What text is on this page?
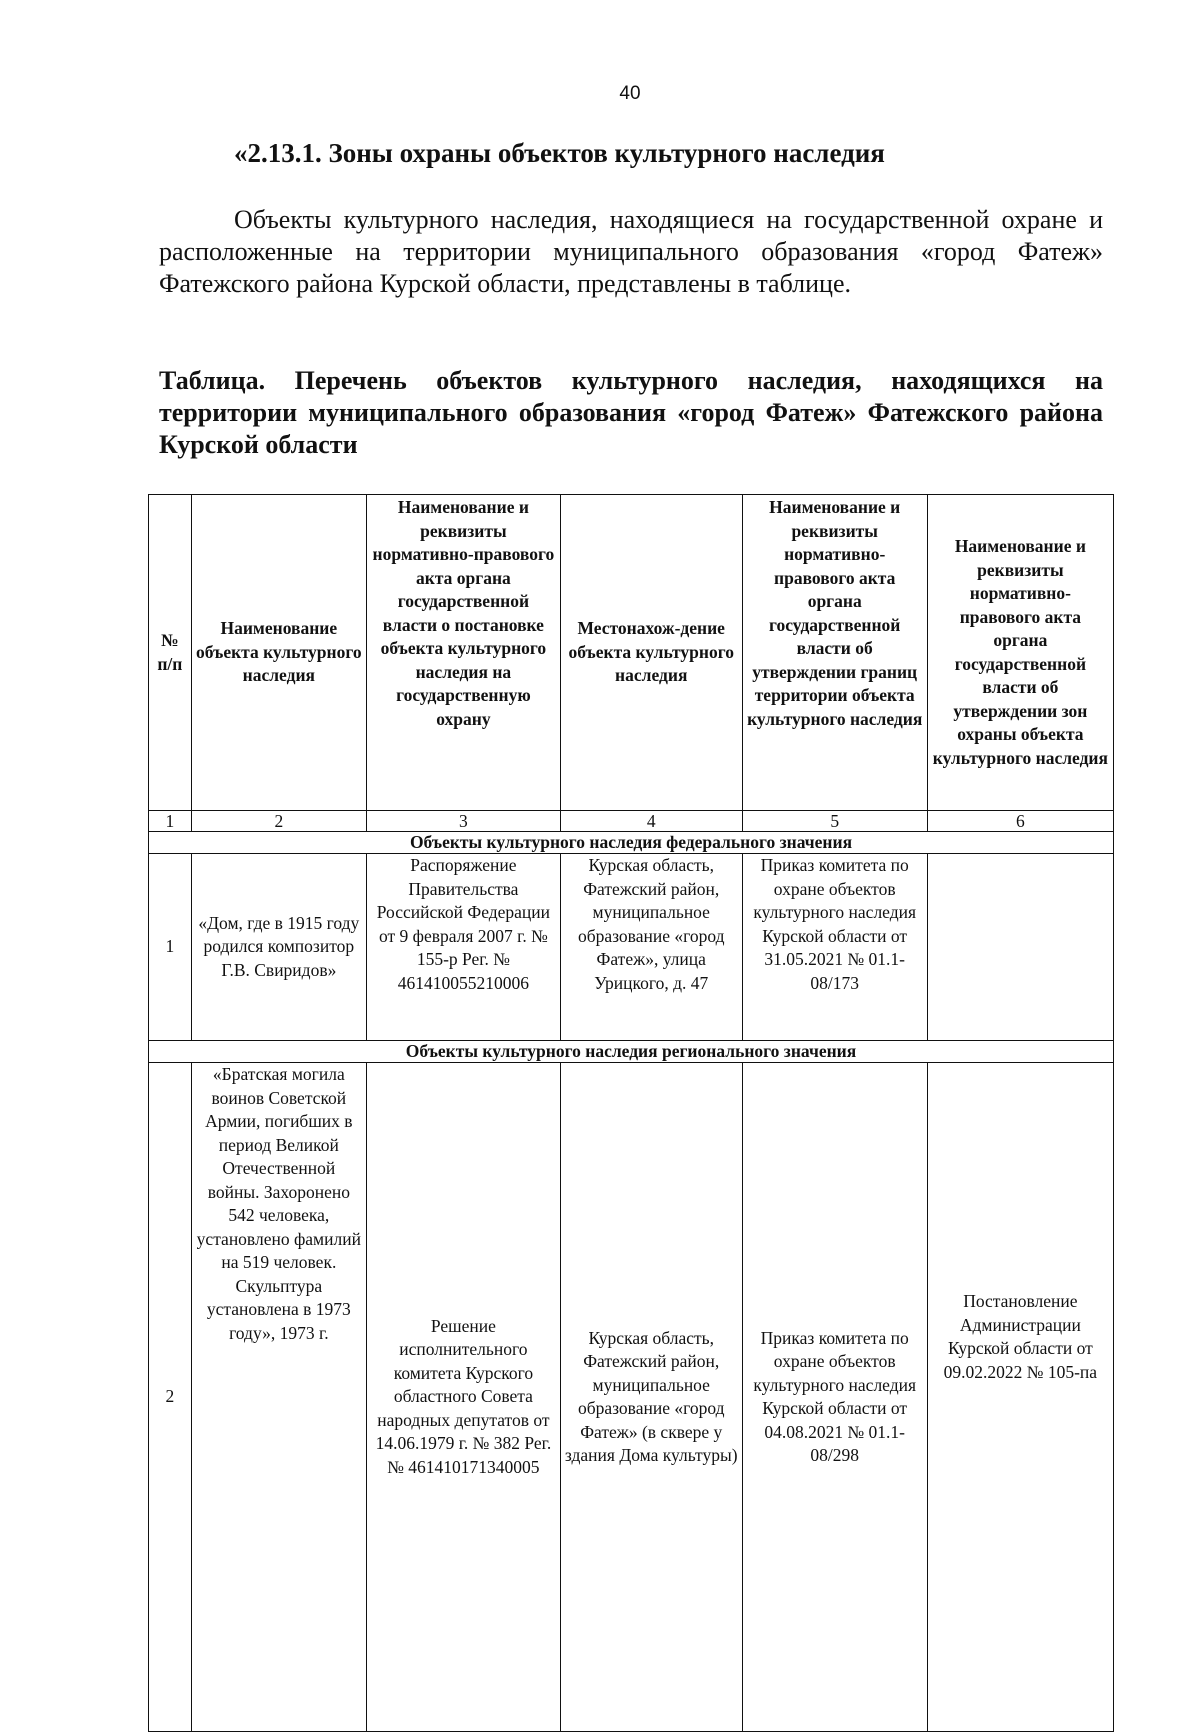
40
«2.13.1. Зоны охраны объектов культурного наследия

Объекты культурного наследия, находящиеся на государственной охране и расположенные на территории муниципального образования «город Фатеж» Фатежского района Курской области, представлены в таблице.

Таблица. Перечень объектов культурного наследия, находящихся на территории муниципального образования «город Фатеж» Фатежского района Курской области

№ п/п	Наименование объекта культурного наследия	Наименование и реквизиты нормативно-правового акта органа государственной власти о постановке объекта культурного наследия на государственную охрану	Местонахож-дение объекта культурного наследия	Наименование и реквизиты нормативно-правового акта органа государственной власти об утверждении границ территории объекта культурного наследия	Наименование и реквизиты нормативно-правового акта органа государственной власти об утверждении зон охраны объекта культурного наследия
1	2	3	4	5	6
Объекты культурного наследия федерального значения					
1	«Дом, где в 1915 году родился композитор Г.В. Свиридов»	Распоряжение Правительства Российской Федерации от 9 февраля 2007 г. № 155-р Рег. № 461410055210006	Курская область, Фатежский район, муниципальное образование «город Фатеж», улица Урицкого, д. 47	Приказ комитета по охране объектов культурного наследия Курской области от 31.05.2021 № 01.1-08/173	
Объекты культурного наследия регионального значения					
2	«Братская могила воинов Советской Армии, погибших в период Великой Отечественной войны. Захоронено 542 человека, установлено фамилий на 519 человек. Скульптура установлена в 1973 году», 1973 г.	Решение исполнительного комитета Курского областного Совета народных депутатов от 14.06.1979 г. № 382 Рег. № 461410171340005	Курская область, Фатежский район, муниципальное образование «город Фатеж» (в сквере у здания Дома культуры)	Приказ комитета по охране объектов культурного наследия Курской области от 04.08.2021 № 01.1-08/298	Постановление Администрации Курской области от 09.02.2022 № 105-па
